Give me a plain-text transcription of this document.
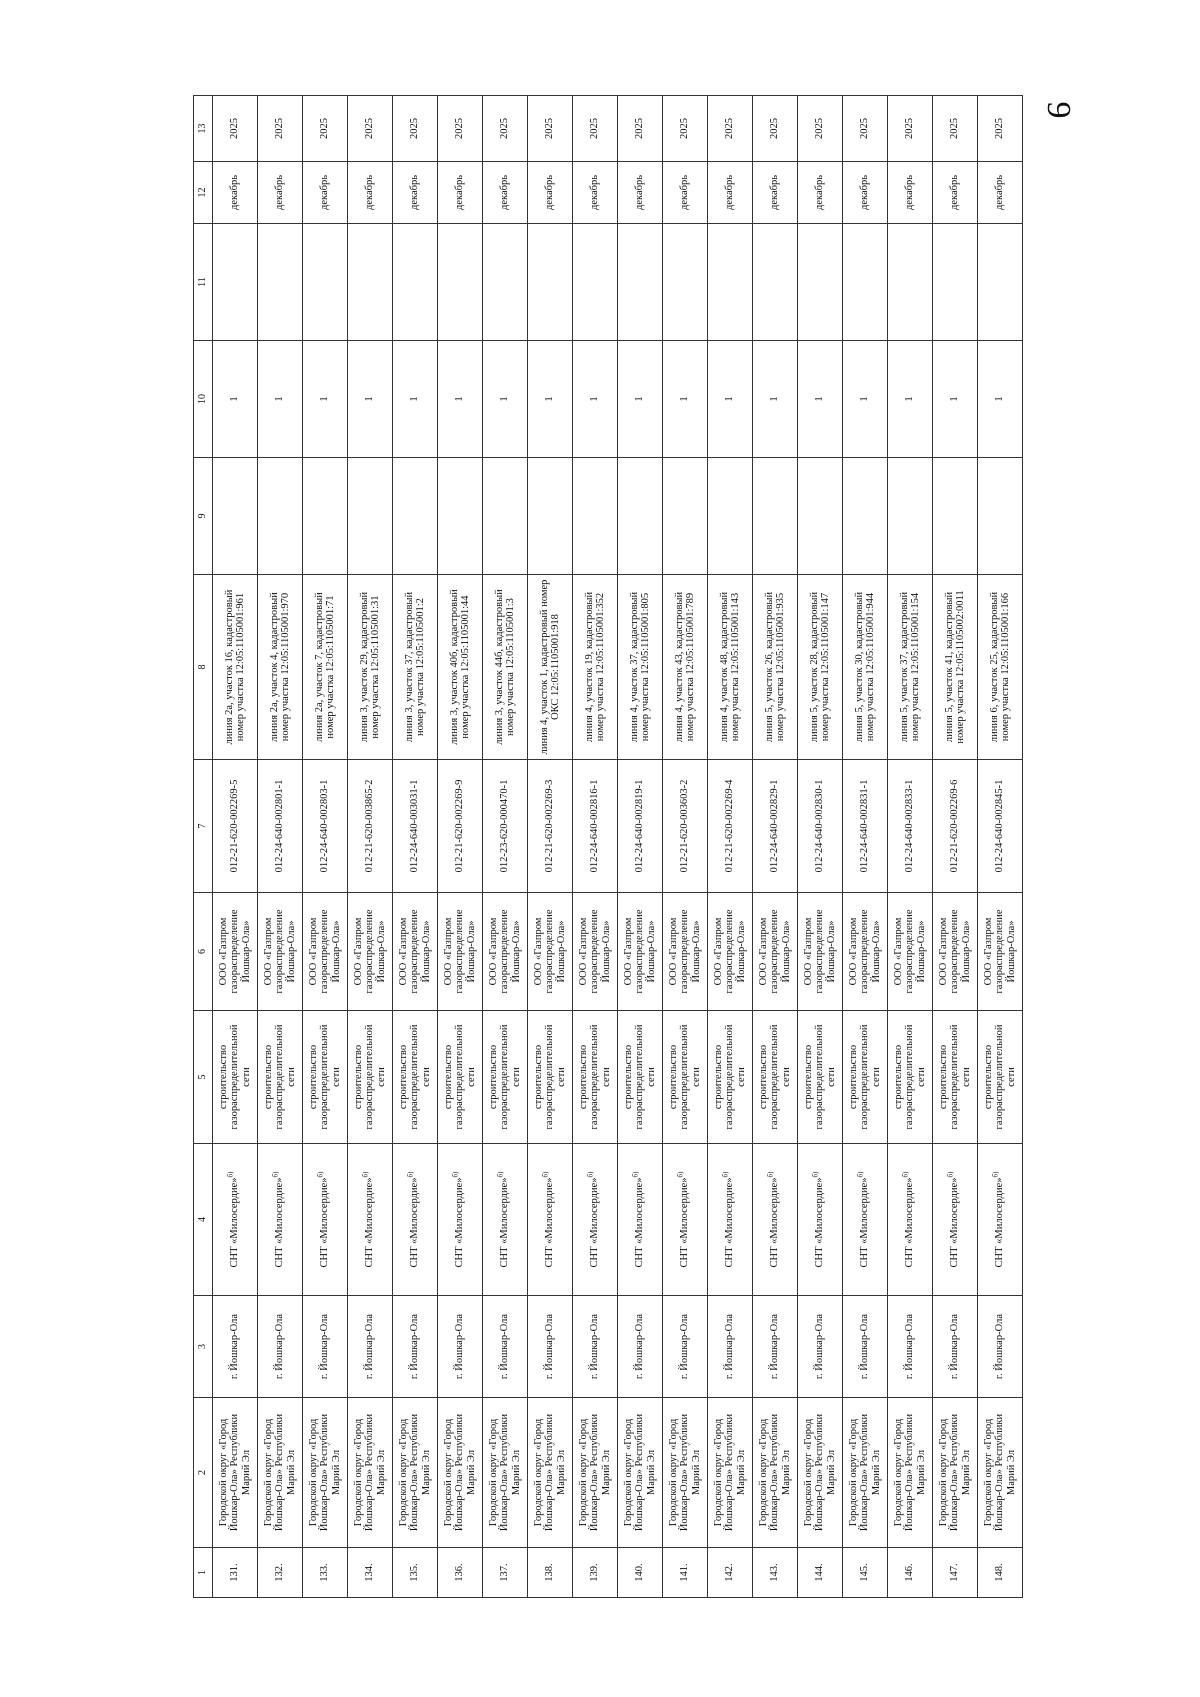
9
1	2	3	4	5	6	7	8	9	10	11	12	13
131.	Городской округ «Город Йошкар-Ола» Республики Марий Эл	г. Йошкар-Ола	СНТ «Милосердие»$^{б)}$	строительство газораспределительной сети	ООО «Газпром газораспределение Йошкар-Ола»	012-21-620-002269-5	линия 2а, участок 16, кадастровый номер участка 12:05:1105001:961		1		декабрь	2025
132.	Городской округ «Город Йошкар-Ола» Республики Марий Эл	г. Йошкар-Ола	СНТ «Милосердие»$^{б)}$	строительство газораспределительной сети	ООО «Газпром газораспределение Йошкар-Ола»	012-24-640-002801-1	линия 2а, участок 4, кадастровый номер участка 12:05:1105001:970		1		декабрь	2025
133.	Городской округ «Город Йошкар-Ола» Республики Марий Эл	г. Йошкар-Ола	СНТ «Милосердие»$^{б)}$	строительство газораспределительной сети	ООО «Газпром газораспределение Йошкар-Ола»	012-24-640-002803-1	линия 2а, участок 7, кадастровый номер участка 12:05:1105001:71		1		декабрь	2025
134.	Городской округ «Город Йошкар-Ола» Республики Марий Эл	г. Йошкар-Ола	СНТ «Милосердие»$^{б)}$	строительство газораспределительной сети	ООО «Газпром газораспределение Йошкар-Ола»	012-21-620-003865-2	линия 3, участок 29, кадастровый номер участка 12:05:1105001:31		1		декабрь	2025
135.	Городской округ «Город Йошкар-Ола» Республики Марий Эл	г. Йошкар-Ола	СНТ «Милосердие»$^{б)}$	строительство газораспределительной сети	ООО «Газпром газораспределение Йошкар-Ола»	012-24-640-003031-1	линия 3, участок 37, кадастровый номер участка 12:05:1105001:2		1		декабрь	2025
136.	Городской округ «Город Йошкар-Ола» Республики Марий Эл	г. Йошкар-Ола	СНТ «Милосердие»$^{б)}$	строительство газораспределительной сети	ООО «Газпром газораспределение Йошкар-Ола»	012-21-620-002269-9	линия 3, участок 40б, кадастровый номер участка 12:05:1105001:44		1		декабрь	2025
137.	Городской округ «Город Йошкар-Ола» Республики Марий Эл	г. Йошкар-Ола	СНТ «Милосердие»$^{б)}$	строительство газораспределительной сети	ООО «Газпром газораспределение Йошкар-Ола»	012-23-620-000470-1	линия 3, участок 44б, кадастровый номер участка 12:05:1105001:3		1		декабрь	2025
138.	Городской округ «Город Йошкар-Ола» Республики Марий Эл	г. Йошкар-Ола	СНТ «Милосердие»$^{б)}$	строительство газораспределительной сети	ООО «Газпром газораспределение Йошкар-Ола»	012-21-620-002269-3	линия 4, участок 1, кадастровый номер ОКС 12:05:1105001:918		1		декабрь	2025
139.	Городской округ «Город Йошкар-Ола» Республики Марий Эл	г. Йошкар-Ола	СНТ «Милосердие»$^{б)}$	строительство газораспределительной сети	ООО «Газпром газораспределение Йошкар-Ола»	012-24-640-002816-1	линия 4, участок 19, кадастровый номер участка 12:05:1105001:352		1		декабрь	2025
140.	Городской округ «Город Йошкар-Ола» Республики Марий Эл	г. Йошкар-Ола	СНТ «Милосердие»$^{б)}$	строительство газораспределительной сети	ООО «Газпром газораспределение Йошкар-Ола»	012-24-640-002819-1	линия 4, участок 37, кадастровый номер участка 12:05:1105001:805		1		декабрь	2025
141.	Городской округ «Город Йошкар-Ола» Республики Марий Эл	г. Йошкар-Ола	СНТ «Милосердие»$^{б)}$	строительство газораспределительной сети	ООО «Газпром газораспределение Йошкар-Ола»	012-21-620-003603-2	линия 4, участок 43, кадастровый номер участка 12:05:1105001:789		1		декабрь	2025
142.	Городской округ «Город Йошкар-Ола» Республики Марий Эл	г. Йошкар-Ола	СНТ «Милосердие»$^{б)}$	строительство газораспределительной сети	ООО «Газпром газораспределение Йошкар-Ола»	012-21-620-002269-4	линия 4, участок 48, кадастровый номер участка 12:05:1105001:143		1		декабрь	2025
143.	Городской округ «Город Йошкар-Ола» Республики Марий Эл	г. Йошкар-Ола	СНТ «Милосердие»$^{б)}$	строительство газораспределительной сети	ООО «Газпром газораспределение Йошкар-Ола»	012-24-640-002829-1	линия 5, участок 26, кадастровый номер участка 12:05:1105001:935		1		декабрь	2025
144.	Городской округ «Город Йошкар-Ола» Республики Марий Эл	г. Йошкар-Ола	СНТ «Милосердие»$^{б)}$	строительство газораспределительной сети	ООО «Газпром газораспределение Йошкар-Ола»	012-24-640-002830-1	линия 5, участок 28, кадастровый номер участка 12:05:1105001:147		1		декабрь	2025
145.	Городской округ «Город Йошкар-Ола» Республики Марий Эл	г. Йошкар-Ола	СНТ «Милосердие»$^{б)}$	строительство газораспределительной сети	ООО «Газпром газораспределение Йошкар-Ола»	012-24-640-002831-1	линия 5, участок 30, кадастровый номер участка 12:05:1105001:944		1		декабрь	2025
146.	Городской округ «Город Йошкар-Ола» Республики Марий Эл	г. Йошкар-Ола	СНТ «Милосердие»$^{б)}$	строительство газораспределительной сети	ООО «Газпром газораспределение Йошкар-Ола»	012-24-640-002833-1	линия 5, участок 37, кадастровый номер участка 12:05:1105001:154		1		декабрь	2025
147.	Городской округ «Город Йошкар-Ола» Республики Марий Эл	г. Йошкар-Ола	СНТ «Милосердие»$^{б)}$	строительство газораспределительной сети	ООО «Газпром газораспределение Йошкар-Ола»	012-21-620-002269-6	линия 5, участок 41, кадастровый номер участка 12:05:1105002:0011		1		декабрь	2025
148.	Городской округ «Город Йошкар-Ола» Республики Марий Эл	г. Йошкар-Ола	СНТ «Милосердие»$^{б)}$	строительство газораспределительной сети	ООО «Газпром газораспределение Йошкар-Ола»	012-24-640-002845-1	линия 6, участок 25, кадастровый номер участка 12:05:1105001:166		1		декабрь	2025
